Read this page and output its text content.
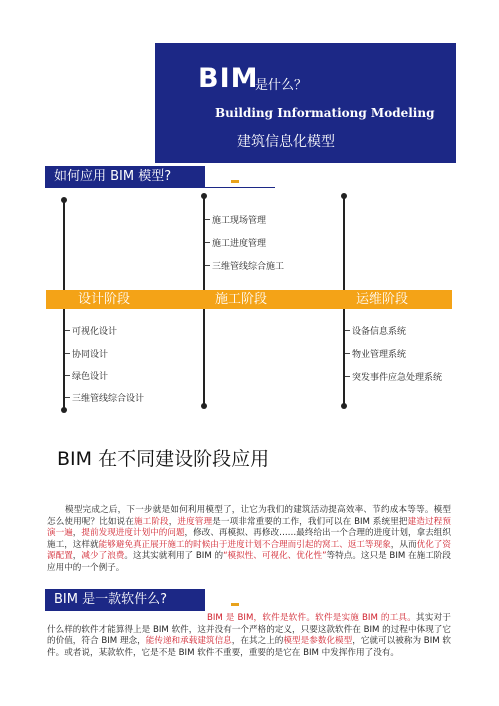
BIM
是什么？
Building Informationg Modeling
建筑信息化模型
如何应用 BIM 模型?
施工现场管理
施工进度管理
三维管线综合施工
设计阶段	施工阶段	运维阶段
可视化设计
协同设计
绿色设计
三维管线综合设计
设备信息系统
物业管理系统
突发事件应急处理系统
BIM 在不同建设阶段应用
模型完成之后，下一步就是如何利用模型了，让它为我们的建筑活动提高效率、节约成本等等。模型怎么使用呢？比如说在施工阶段，进度管理是一项非常重要的工作，我们可以在 BIM 系统里把建造过程预演一遍，提前发现进度计划中的问题，修改、再模拟、再修改……最终给出一个合理的进度计划，拿去组织施工，这样就能够避免真正展开施工的时候由于进度计划不合理而引起的窝工、返工等现象，从而优化了资源配置，减少了浪费。这其实就利用了 BIM 的“模拟性、可视化、优化性”等特点。这只是 BIM 在施工阶段应用中的一个例子。
BIM 是一款软件么?
BIM 是 BIM，软件是软件。软件是实施 BIM 的工具。其实对于什么样的软件才能算得上是 BIM 软件，这并没有一个严格的定义，只要这款软件在 BIM 的过程中体现了它的价值，符合 BIM 理念，能传递和承载建筑信息，在其之上的模型是参数化模型，它就可以被称为 BIM 软件。或者说，某款软件，它是不是 BIM 软件不重要，重要的是它在 BIM 中发挥作用了没有。
